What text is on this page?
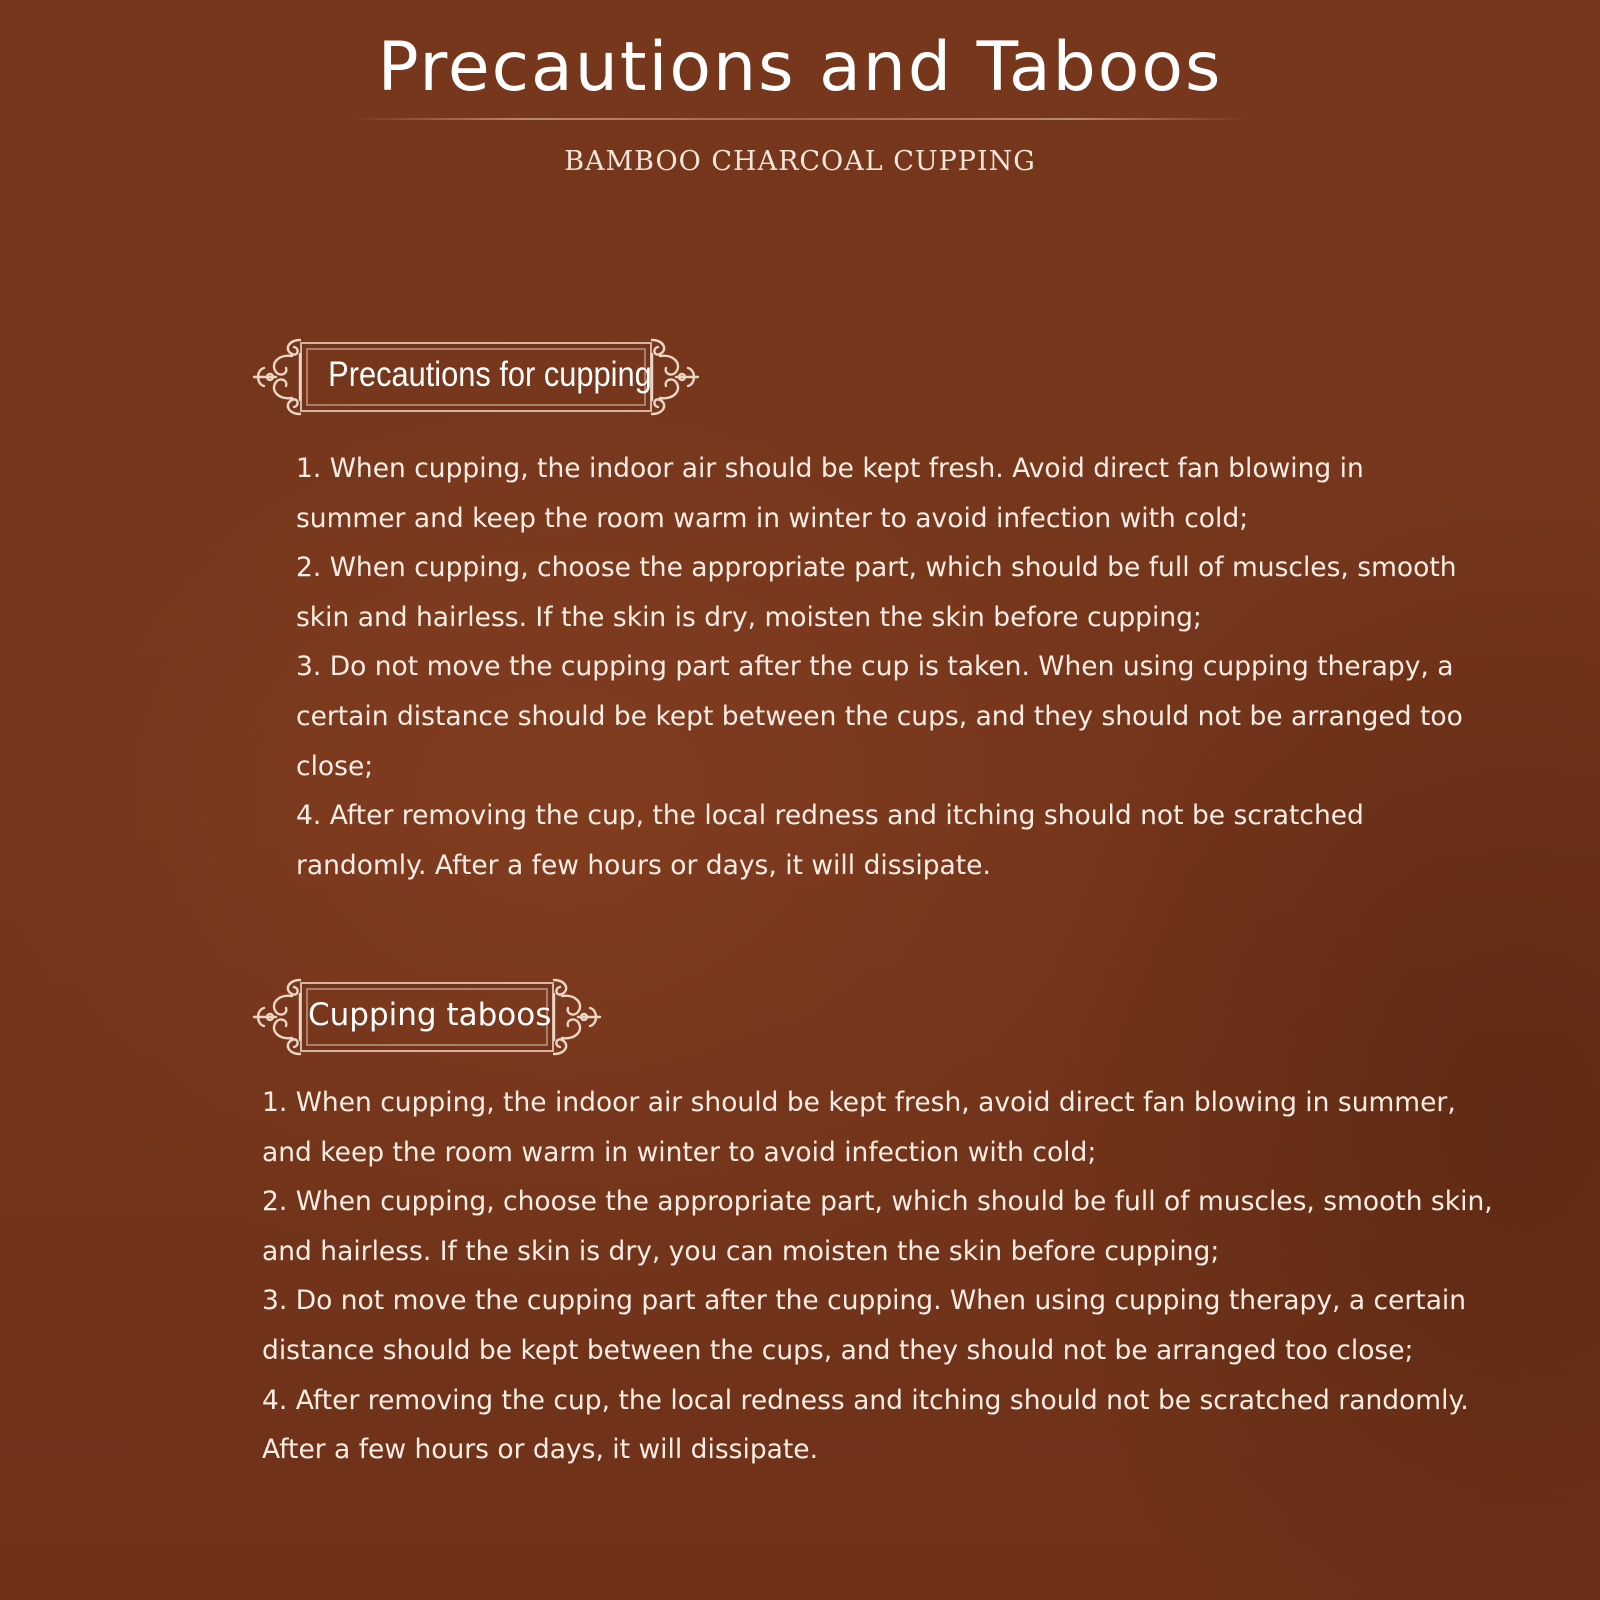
Precautions and Taboos
BAMBOO CHARCOAL CUPPING
Precautions for cupping
1. When cupping, the indoor air should be kept fresh. Avoid direct fan blowing in summer and keep the room warm in winter to avoid infection with cold;
2. When cupping, choose the appropriate part, which should be full of muscles, smooth skin and hairless. If the skin is dry, moisten the skin before cupping;
3. Do not move the cupping part after the cup is taken. When using cupping therapy, a certain distance should be kept between the cups, and they should not be arranged too close;
4. After removing the cup, the local redness and itching should not be scratched randomly. After a few hours or days, it will dissipate.
Cupping taboos
1. When cupping, the indoor air should be kept fresh, avoid direct fan blowing in summer, and keep the room warm in winter to avoid infection with cold;
2. When cupping, choose the appropriate part, which should be full of muscles, smooth skin, and hairless. If the skin is dry, you can moisten the skin before cupping;
3. Do not move the cupping part after the cupping. When using cupping therapy, a certain distance should be kept between the cups, and they should not be arranged too close;
4. After removing the cup, the local redness and itching should not be scratched randomly. After a few hours or days, it will dissipate.
